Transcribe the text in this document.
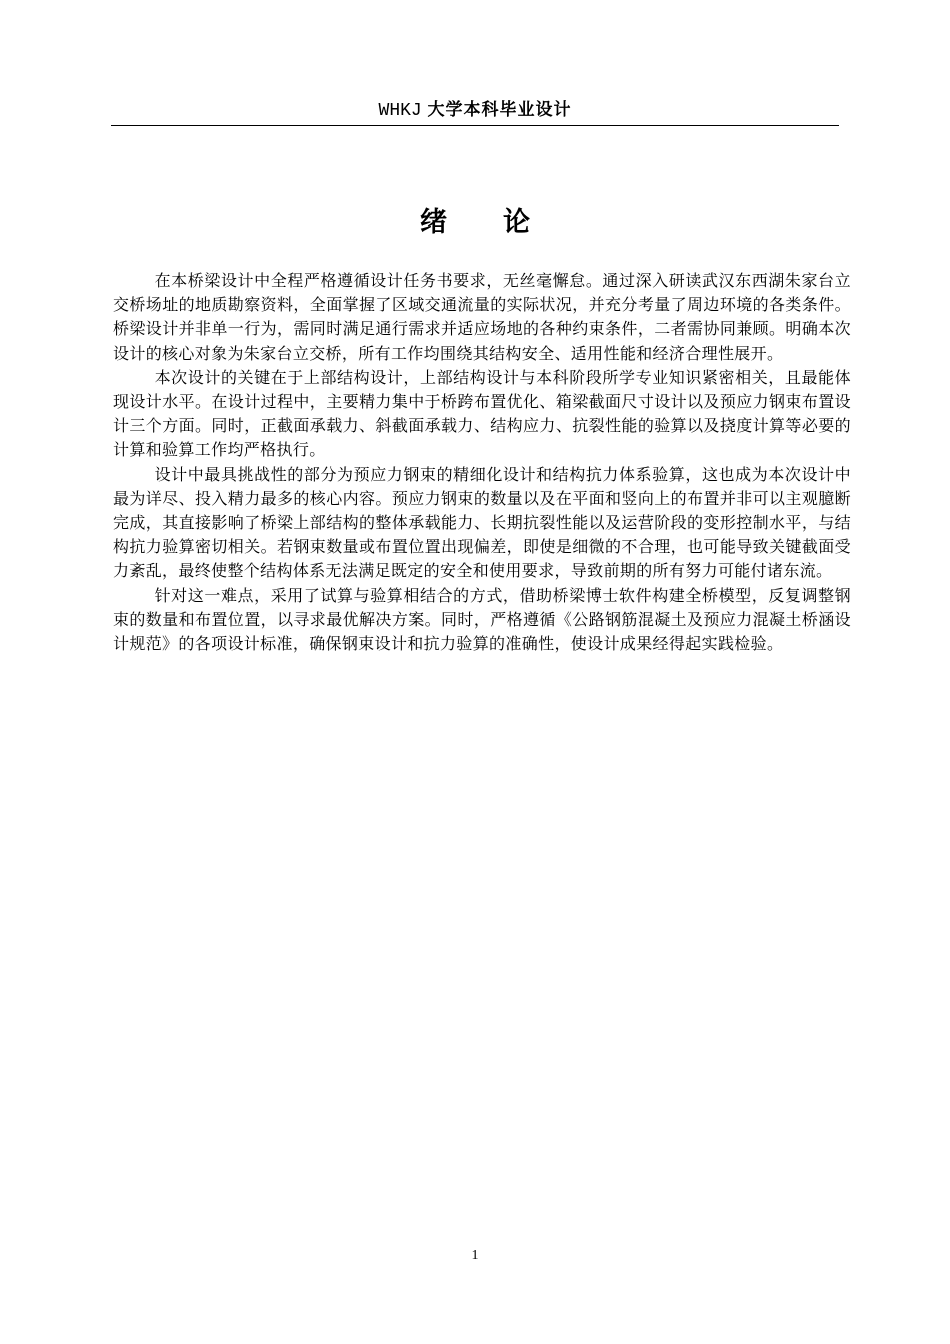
WHKJ 大学本科毕业设计
绪论

在本桥梁设计中全程严格遵循设计任务书要求，无丝毫懈怠。通过深入研读武汉东西湖朱家台立交桥场址的地质勘察资料，全面掌握了区域交通流量的实际状况，并充分考量了周边环境的各类条件。桥梁设计并非单一行为，需同时满足通行需求并适应场地的各种约束条件，二者需协同兼顾。明确本次设计的核心对象为朱家台立交桥，所有工作均围绕其结构安全、适用性能和经济合理性展开。

本次设计的关键在于上部结构设计，上部结构设计与本科阶段所学专业知识紧密相关，且最能体现设计水平。在设计过程中，主要精力集中于桥跨布置优化、箱梁截面尺寸设计以及预应力钢束布置设计三个方面。同时，正截面承载力、斜截面承载力、结构应力、抗裂性能的验算以及挠度计算等必要的计算和验算工作均严格执行。

设计中最具挑战性的部分为预应力钢束的精细化设计和结构抗力体系验算，这也成为本次设计中最为详尽、投入精力最多的核心内容。预应力钢束的数量以及在平面和竖向上的布置并非可以主观臆断完成，其直接影响了桥梁上部结构的整体承载能力、长期抗裂性能以及运营阶段的变形控制水平，与结构抗力验算密切相关。若钢束数量或布置位置出现偏差，即使是细微的不合理，也可能导致关键截面受力紊乱，最终使整个结构体系无法满足既定的安全和使用要求，导致前期的所有努力可能付诸东流。

针对这一难点，采用了试算与验算相结合的方式，借助桥梁博士软件构建全桥模型，反复调整钢束的数量和布置位置，以寻求最优解决方案。同时，严格遵循《公路钢筋混凝土及预应力混凝土桥涵设计规范》的各项设计标准，确保钢束设计和抗力验算的准确性，使设计成果经得起实践检验。

1
